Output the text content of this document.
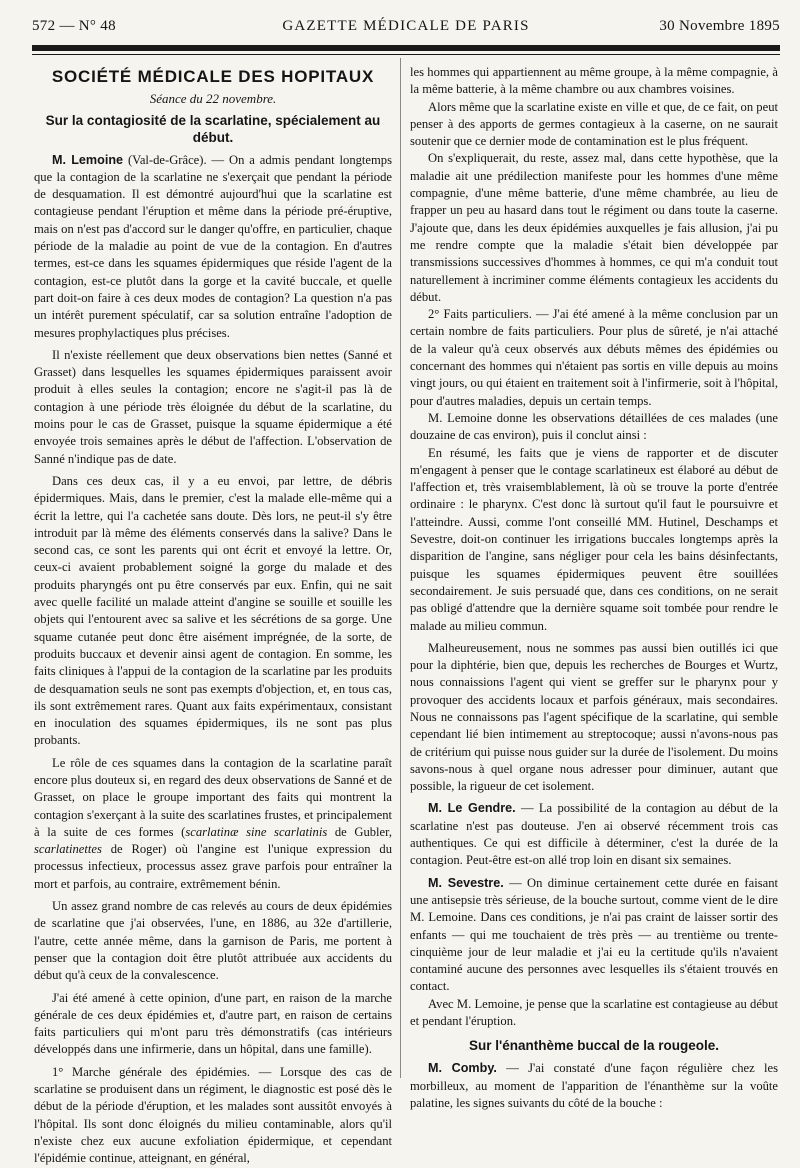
572 — N° 48	GAZETTE MÉDICALE DE PARIS	30 Novembre 1895
SOCIÉTÉ MÉDICALE DES HOPITAUX
Séance du 22 novembre.
Sur la contagiosité de la scarlatine, spécialement au début.

M. Lemoine (Val-de-Grâce). — On a admis pendant longtemps que la contagion de la scarlatine ne s'exerçait que pendant la période de desquamation. Il est démontré aujourd'hui que la scarlatine est contagieuse pendant l'éruption et même dans la période pré-éruptive, mais on n'est pas d'accord sur le danger qu'offre, en particulier, chaque période de la maladie au point de vue de la contagion. En d'autres termes, est-ce dans les squames épidermiques que réside l'agent de la contagion, est-ce plutôt dans la gorge et la cavité buccale, et quelle part doit-on faire à ces deux modes de contagion? La question n'a pas un intérêt purement spéculatif, car sa solution entraîne l'adoption de mesures prophylactiques plus précises.

Il n'existe réellement que deux observations bien nettes (Sanné et Grasset) dans lesquelles les squames épidermiques paraissent avoir produit à elles seules la contagion; encore ne s'agit-il pas là de contagion à une période très éloignée du début de la scarlatine, du moins pour le cas de Grasset, puisque la squame épidermique a été envoyée trois semaines après le début de l'affection. L'observation de Sanné n'indique pas de date.

Dans ces deux cas, il y a eu envoi, par lettre, de débris épidermiques. Mais, dans le premier, c'est la malade elle-même qui a écrit la lettre, qui l'a cachetée sans doute. Dès lors, ne peut-il s'y être introduit par là même des éléments conservés dans la salive? Dans le second cas, ce sont les parents qui ont écrit et envoyé la lettre. Or, ceux-ci avaient probablement soigné la gorge du malade et des produits pharyngés ont pu être conservés par eux. Enfin, qui ne sait avec quelle facilité un malade atteint d'angine se souille et souille les objets qui l'entourent avec sa salive et les sécrétions de sa gorge. Une squame cutanée peut donc être aisément imprégnée, de la sorte, de produits buccaux et devenir ainsi agent de contagion. En somme, les faits cliniques à l'appui de la contagion de la scarlatine par les produits de desquamation seuls ne sont pas exempts d'objection, et, en tous cas, ils sont extrêmement rares. Quant aux faits expérimentaux, consistant en inoculation des squames épidermiques, ils ne sont pas plus probants.

Le rôle de ces squames dans la contagion de la scarlatine paraît encore plus douteux si, en regard des deux observations de Sanné et de Grasset, on place le groupe important des faits qui montrent la contagion s'exerçant à la suite des scarlatines frustes, et principalement à la suite de ces formes (scarlatinæ sine scarlatinis de Gubler, scarlatinettes de Roger) où l'angine est l'unique expression du processus infectieux, processus assez grave parfois pour entraîner la mort et parfois, au contraire, extrêmement bénin.

Un assez grand nombre de cas relevés au cours de deux épidémies de scarlatine que j'ai observées, l'une, en 1886, au 32e d'artillerie, l'autre, cette année même, dans la garnison de Paris, me portent à penser que la contagion doit être plutôt attribuée aux accidents du début qu'à ceux de la convalescence.

J'ai été amené à cette opinion, d'une part, en raison de la marche générale de ces deux épidémies et, d'autre part, en raison de certains faits particuliers qui m'ont paru très démonstratifs (cas intérieurs développés dans une infirmerie, dans un hôpital, dans une famille).

1° Marche générale des épidémies. — Lorsque des cas de scarlatine se produisent dans un régiment, le diagnostic est posé dès le début de la période d'éruption, et les malades sont aussitôt envoyés à l'hôpital. Ils sont donc éloignés du milieu contaminable, alors qu'il n'existe chez eux aucune exfoliation épidermique, et cependant l'épidémie continue, atteignant, en général,

les hommes qui appartiennent au même groupe, à la même compagnie, à la même batterie, à la même chambre ou aux chambres voisines.

Alors même que la scarlatine existe en ville et que, de ce fait, on peut penser à des apports de germes contagieux à la caserne, on ne saurait soutenir que ce dernier mode de contamination est le plus fréquent.

On s'expliquerait, du reste, assez mal, dans cette hypothèse, que la maladie ait une prédilection manifeste pour les hommes d'une même compagnie, d'une même batterie, d'une même chambrée, au lieu de frapper un peu au hasard dans tout le régiment ou dans toute la caserne. J'ajoute que, dans les deux épidémies auxquelles je fais allusion, j'ai pu me rendre compte que la maladie s'était bien développée par transmissions successives d'hommes à hommes, ce qui m'a conduit tout naturellement à incriminer comme éléments contagieux les accidents du début.

2° Faits particuliers. — J'ai été amené à la même conclusion par un certain nombre de faits particuliers. Pour plus de sûreté, je n'ai attaché de la valeur qu'à ceux observés aux débuts mêmes des épidémies ou concernant des hommes qui n'étaient pas sortis en ville depuis au moins vingt jours, ou qui étaient en traitement soit à l'infirmerie, soit à l'hôpital, pour d'autres maladies, depuis un certain temps.

M. Lemoine donne les observations détaillées de ces malades (une douzaine de cas environ), puis il conclut ainsi :

En résumé, les faits que je viens de rapporter et de discuter m'engagent à penser que le contage scarlatineux est élaboré au début de l'affection et, très vraisemblablement, là où se trouve la porte d'entrée ordinaire : le pharynx. C'est donc là surtout qu'il faut le poursuivre et l'atteindre. Aussi, comme l'ont conseillé MM. Hutinel, Deschamps et Sevestre, doit-on continuer les irrigations buccales longtemps après la disparition de l'angine, sans négliger pour cela les bains désinfectants, puisque les squames épidermiques peuvent être souillées secondairement. Je suis persuadé que, dans ces conditions, on ne serait pas obligé d'attendre que la dernière squame soit tombée pour rendre le malade au milieu commun.

Malheureusement, nous ne sommes pas aussi bien outillés ici que pour la diphtérie, bien que, depuis les recherches de Bourges et Wurtz, nous connaissions l'agent qui vient se greffer sur le pharynx pour y provoquer des accidents locaux et parfois généraux, mais secondaires. Nous ne connaissons pas l'agent spécifique de la scarlatine, qui semble cependant lié bien intimement au streptocoque; aussi n'avons-nous pas de critérium qui puisse nous guider sur la durée de l'isolement. Du moins savons-nous à quel organe nous adresser pour diminuer, autant que possible, la rigueur de cet isolement.

M. Le Gendre. — La possibilité de la contagion au début de la scarlatine n'est pas douteuse. J'en ai observé récemment trois cas authentiques. Ce qui est difficile à déterminer, c'est la durée de la contagion. Peut-être est-on allé trop loin en disant six semaines.

M. Sevestre. — On diminue certainement cette durée en faisant une antisepsie très sérieuse, de la bouche surtout, comme vient de le dire M. Lemoine. Dans ces conditions, je n'ai pas craint de laisser sortir des enfants — qui me touchaient de très près — au trentième ou trente-cinquième jour de leur maladie et j'ai eu la certitude qu'ils n'avaient contaminé aucune des personnes avec lesquelles ils s'étaient trouvés en contact.

Avec M. Lemoine, je pense que la scarlatine est contagieuse au début et pendant l'éruption.

Sur l'énanthème buccal de la rougeole.

M. Comby. — J'ai constaté d'une façon régulière chez les morbilleux, au moment de l'apparition de l'énanthème sur la voûte palatine, les signes suivants du côté de la bouche :
